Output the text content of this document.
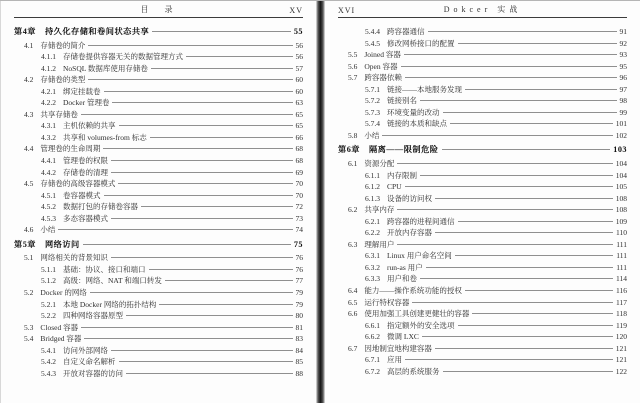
目　录	XV
第4章 持久化存储和卷间状态共享	55
4.1 存储卷的简介	56
4.1.1 存储卷提供容器无关的数据管理方式	56
4.1.2 NoSQL 数据库使用存储卷	57
4.2 存储卷的类型	60
4.2.1 绑定挂载卷	60
4.2.2 Docker 管理卷	63
4.3 共享存储卷	65
4.3.1 主机依赖的共享	65
4.3.2 共享和 volumes-from 标志	66
4.4 管理卷的生命周期	68
4.4.1 管理卷的权限	68
4.4.2 存储卷的清理	69
4.5 存储卷的高级容器模式	70
4.5.1 卷容器模式	70
4.5.2 数据打包的存储卷容器	72
4.5.3 多态容器模式	73
4.6 小结	74
第5章 网络访问	75
5.1 网络相关的背景知识	76
5.1.1 基础：协议、接口和端口	76
5.1.2 高级：网络、NAT 和端口转发	77
5.2 Docker 的网络	79
5.2.1 本地 Docker 网络的拓扑结构	79
5.2.2 四种网络容器原型	80
5.3 Closed 容器	81
5.4 Bridged 容器	83
5.4.1 访问外部网络	84
5.4.2 自定义命名解析	85
5.4.3 开放对容器的访问	88
XVI	Dokcer 实战
5.4.4 跨容器通信	91
5.4.5 修改网桥接口的配置	92
5.5 Joined 容器	93
5.6 Open 容器	95
5.7 跨容器依赖	96
5.7.1 链接——本地服务发现	97
5.7.2 链接别名	98
5.7.3 环境变量的改动	99
5.7.4 链接的本质和缺点	101
5.8 小结	102
第6章 隔离——限制危险	103
6.1 资源分配	104
6.1.1 内存限制	104
6.1.2 CPU	105
6.1.3 设备的访问权	108
6.2 共享内存	108
6.2.1 跨容器的进程间通信	109
6.2.2 开放内存容器	110
6.3 理解用户	111
6.3.1 Linux 用户命名空间	111
6.3.2 run-as 用户	111
6.3.3 用户和卷	114
6.4 能力——操作系统功能的授权	116
6.5 运行特权容器	117
6.6 使用加强工具创建更健壮的容器	118
6.6.1 指定额外的安全选项	119
6.6.2 微调 LXC	120
6.7 因地制宜地构建容器	121
6.7.1 应用	121
6.7.2 高层的系统服务	122
